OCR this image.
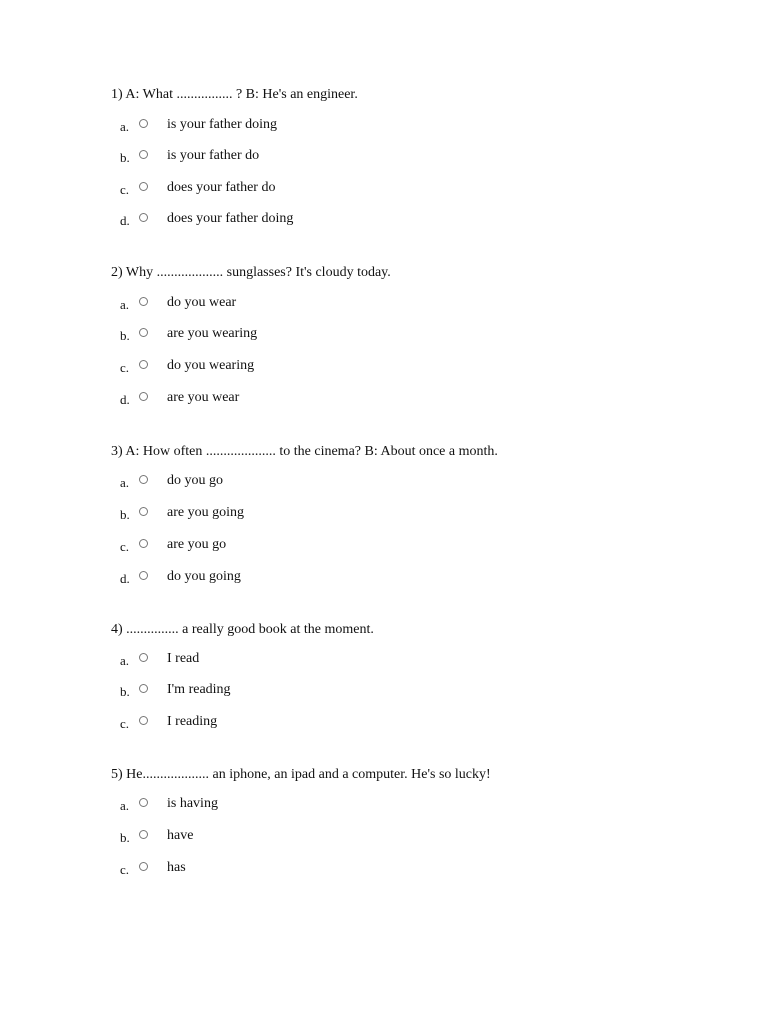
1) A: What ................ ? B: He's an engineer.
a.	is your father doing
b.	is your father do
c.	does your father do
d.	does your father doing
2) Why ................... sunglasses? It's cloudy today.
a.	do you wear
b.	are you wearing
c.	do you wearing
d.	are you wear
3) A: How often .................... to the cinema? B: About once a month.
a.	do you go
b.	are you going
c.	are you go
d.	do you going
4) ............... a really good book at the moment.
a.	I read
b.	I'm reading
c.	I reading
5) He................... an iphone, an ipad and a computer. He's so lucky!
a.	is having
b.	have
c.	has
